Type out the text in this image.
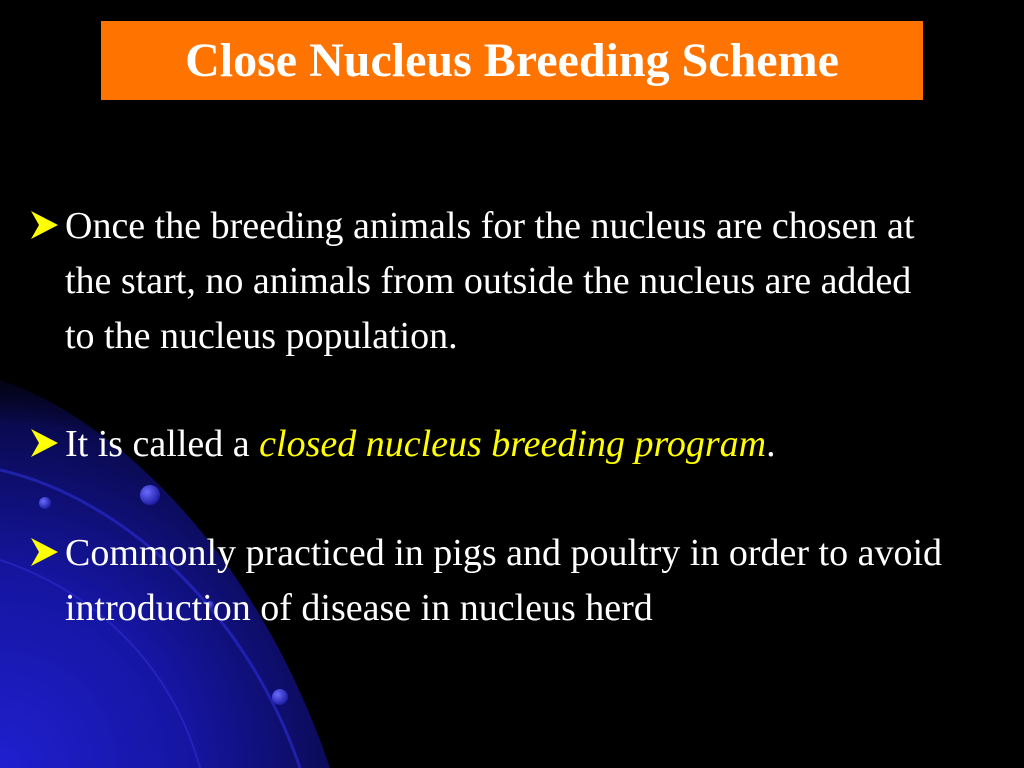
Close Nucleus Breeding Scheme
Once the breeding animals for the nucleus are chosen at the start, no animals from outside the nucleus are added to the nucleus population.
It is called a closed nucleus breeding program.
Commonly practiced in pigs and poultry in order to avoid introduction of disease in nucleus herd
